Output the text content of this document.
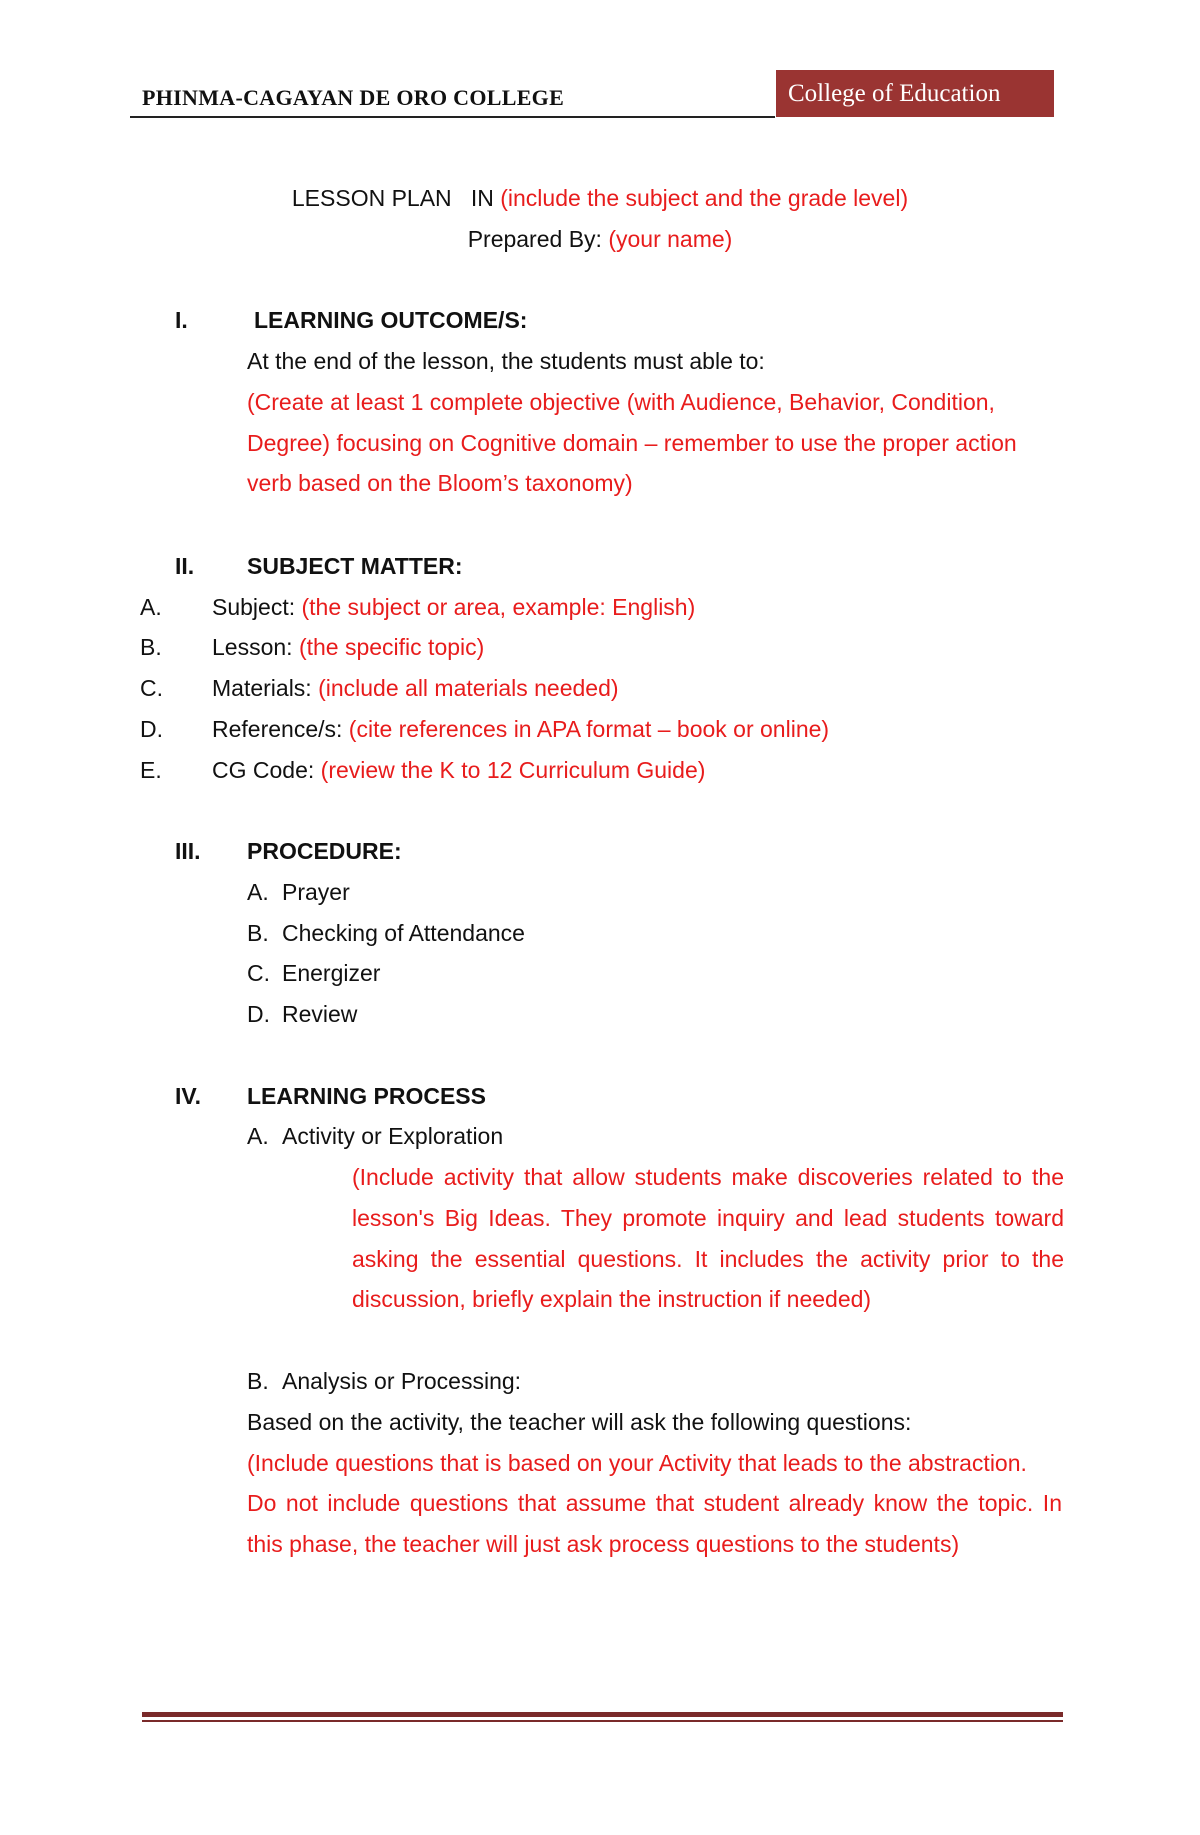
PHINMA-CAGAYAN DE ORO COLLEGE	College of Education
LESSON PLAN   IN (include the subject and the grade level)
Prepared By: (your name)
I.	LEARNING OUTCOME/S:
At the end of the lesson, the students must able to:
(Create at least 1 complete objective (with Audience, Behavior, Condition,
Degree) focusing on Cognitive domain – remember to use the proper action
verb based on the Bloom’s taxonomy)
II. SUBJECT MATTER:
A. Subject: (the subject or area, example: English)
B. Lesson: (the specific topic)
C. Materials: (include all materials needed)
D. Reference/s: (cite references in APA format – book or online)
E. CG Code: (review the K to 12 Curriculum Guide)
III. PROCEDURE:
A. Prayer
B. Checking of Attendance
C. Energizer
D. Review
IV. LEARNING PROCESS
A. Activity or Exploration
(Include activity that allow students make discoveries related to the
lesson's Big Ideas. They promote inquiry and lead students toward
asking the essential questions. It includes the activity prior to the
discussion, briefly explain the instruction if needed)
B. Analysis or Processing:
Based on the activity, the teacher will ask the following questions:
(Include questions that is based on your Activity that leads to the abstraction.
Do not include questions that assume that student already know the topic. In
this phase, the teacher will just ask process questions to the students)
